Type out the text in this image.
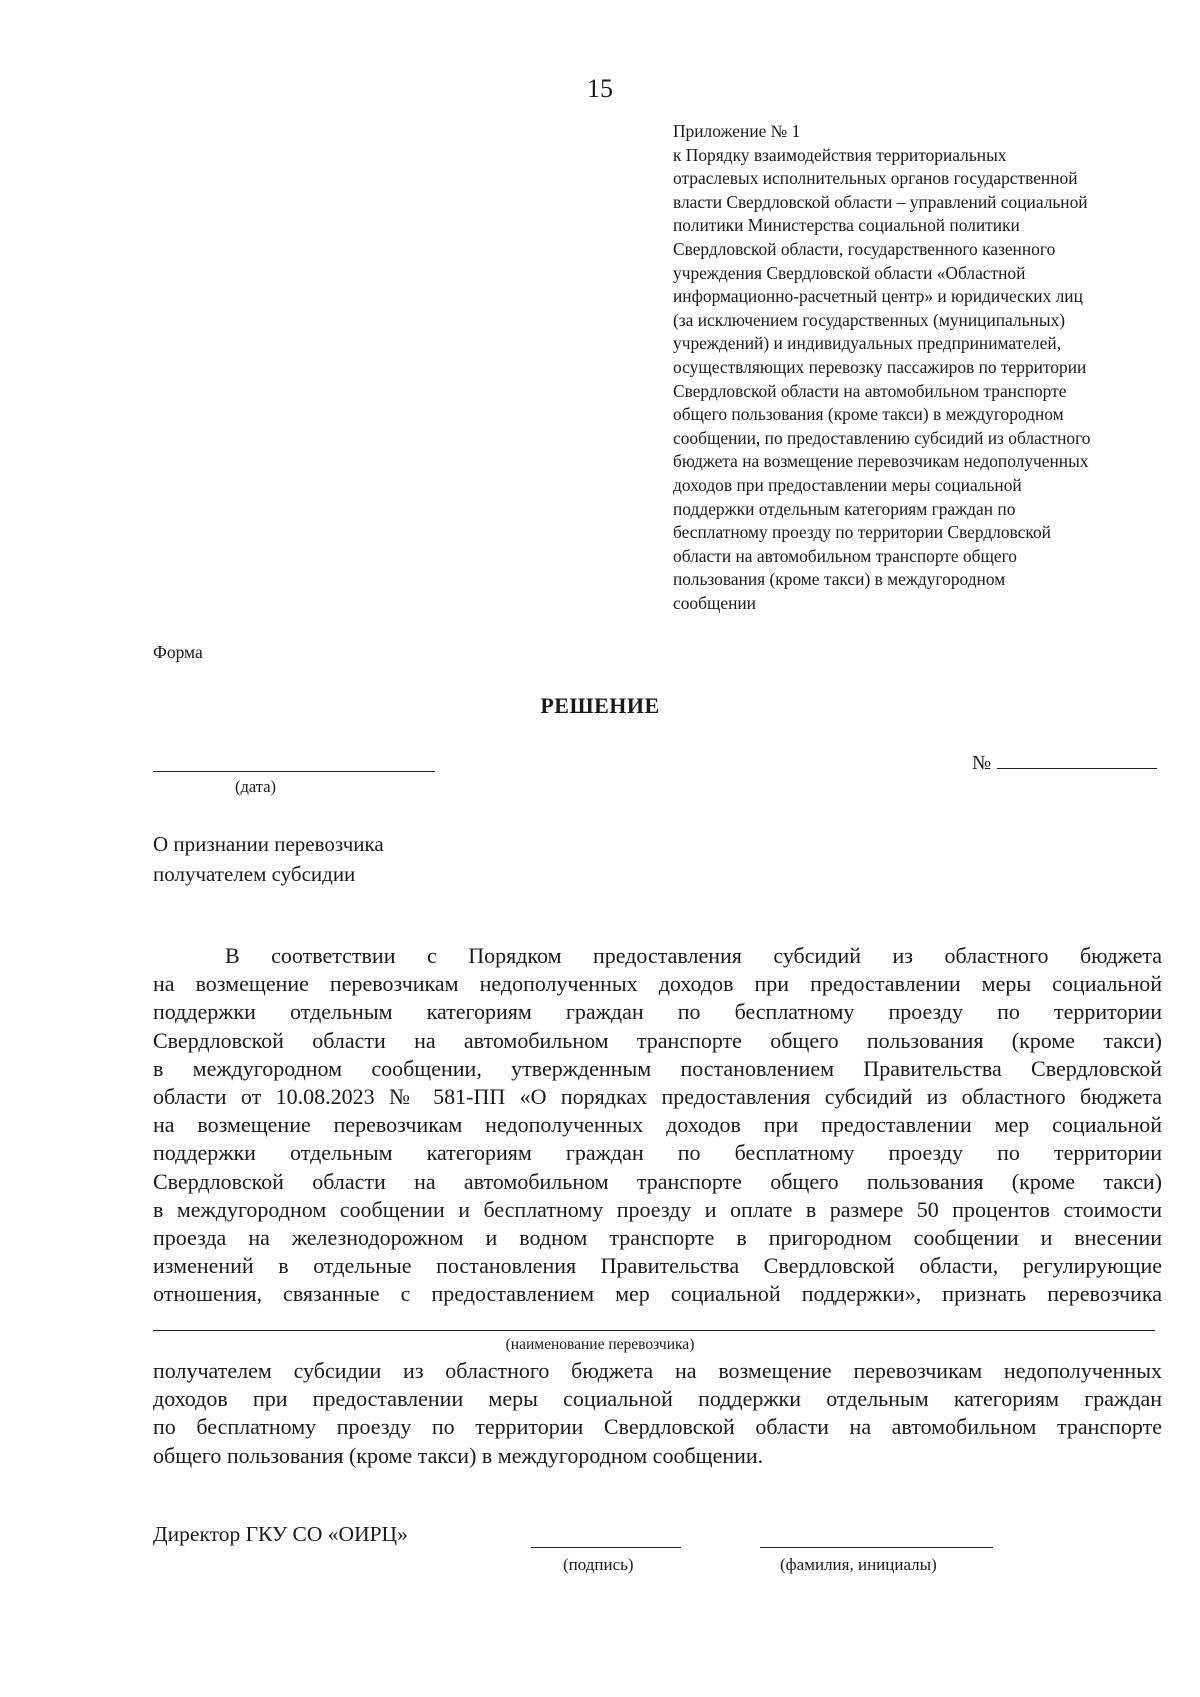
15
Приложение № 1
к Порядку взаимодействия территориальных
отраслевых исполнительных органов государственной
власти Свердловской области – управлений социальной
политики Министерства социальной политики
Свердловской области, государственного казенного
учреждения Свердловской области «Областной
информационно-расчетный центр» и юридических лиц
(за исключением государственных (муниципальных)
учреждений) и индивидуальных предпринимателей,
осуществляющих перевозку пассажиров по территории
Свердловской области на автомобильном транспорте
общего пользования (кроме такси) в междугородном
сообщении, по предоставлению субсидий из областного
бюджета на возмещение перевозчикам недополученных
доходов при предоставлении меры социальной
поддержки отдельным категориям граждан по
бесплатному проезду по территории Свердловской
области на автомобильном транспорте общего
пользования (кроме такси) в междугородном
сообщении
Форма
РЕШЕНИЕ
(дата)
№
О признании перевозчика
получателем субсидии
В соответствии с Порядком предоставления субсидий из областного бюджета
на возмещение перевозчикам недополученных доходов при предоставлении меры социальной
поддержки отдельным категориям граждан по бесплатному проезду по территории
Свердловской области на автомобильном транспорте общего пользования (кроме такси)
в междугородном сообщении, утвержденным постановлением Правительства Свердловской
области от 10.08.2023 № 581-ПП «О порядках предоставления субсидий из областного бюджета
на возмещение перевозчикам недополученных доходов при предоставлении мер социальной
поддержки отдельным категориям граждан по бесплатному проезду по территории
Свердловской области на автомобильном транспорте общего пользования (кроме такси)
в междугородном сообщении и бесплатному проезду и оплате в размере 50 процентов стоимости
проезда на железнодорожном и водном транспорте в пригородном сообщении и внесении
изменений в отдельные постановления Правительства Свердловской области, регулирующие
отношения, связанные с предоставлением мер социальной поддержки», признать перевозчика
(наименование перевозчика)
получателем субсидии из областного бюджета на возмещение перевозчикам недополученных
доходов при предоставлении меры социальной поддержки отдельным категориям граждан
по бесплатному проезду по территории Свердловской области на автомобильном транспорте
общего пользования (кроме такси) в междугородном сообщении.
Директор ГКУ СО «ОИРЦ»
(подпись)	(фамилия, инициалы)
